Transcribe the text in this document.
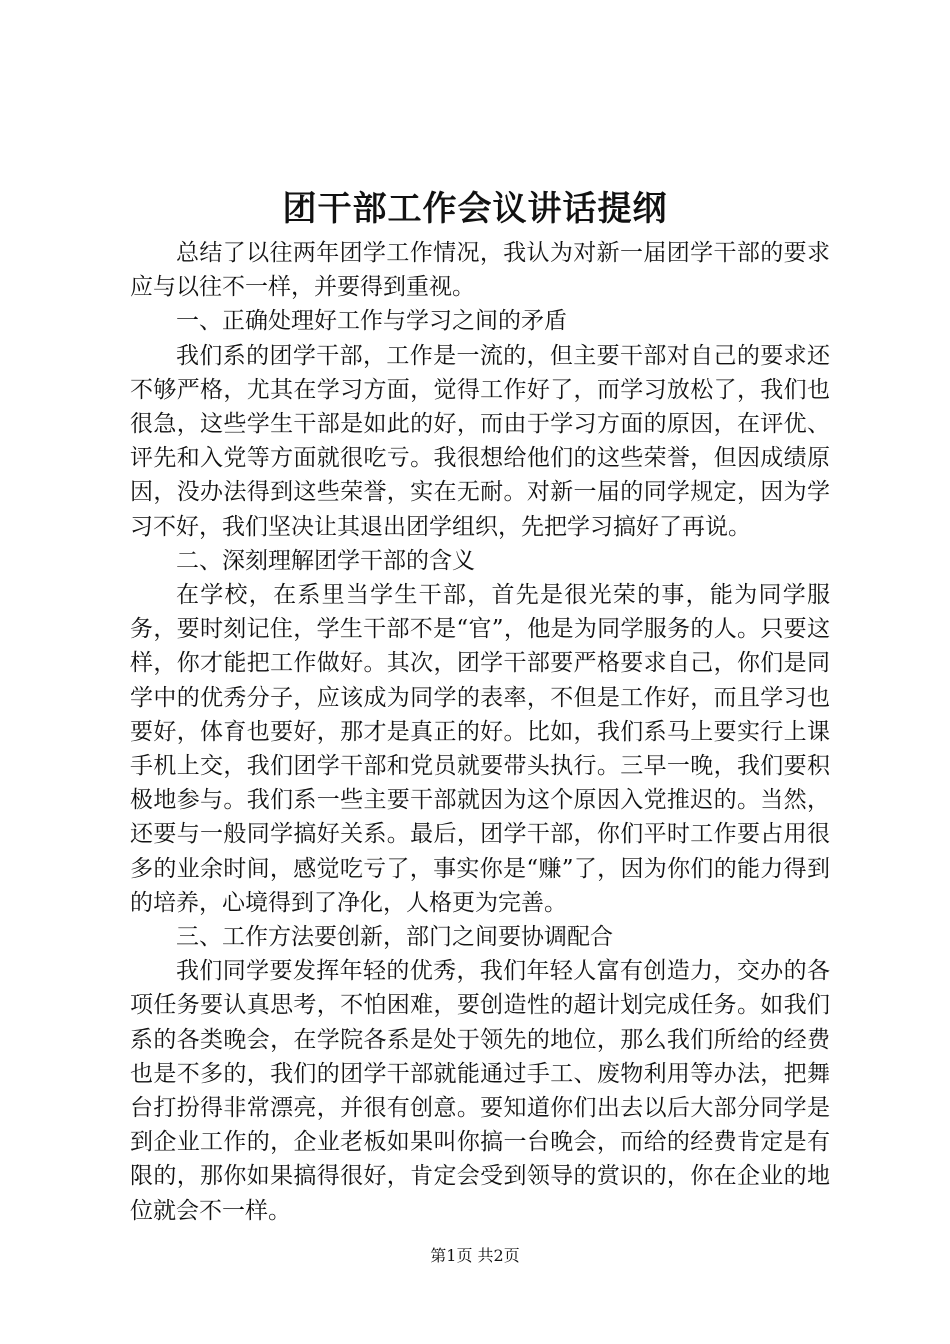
团干部工作会议讲话提纲

总结了以往两年团学工作情况，我认为对新一届团学干部的要求应与以往不一样，并要得到重视。

一、正确处理好工作与学习之间的矛盾

我们系的团学干部，工作是一流的，但主要干部对自己的要求还不够严格，尤其在学习方面，觉得工作好了，而学习放松了，我们也很急，这些学生干部是如此的好，而由于学习方面的原因，在评优、评先和入党等方面就很吃亏。我很想给他们的这些荣誉，但因成绩原因，没办法得到这些荣誉，实在无耐。对新一届的同学规定，因为学习不好，我们坚决让其退出团学组织，先把学习搞好了再说。

二、深刻理解团学干部的含义

在学校，在系里当学生干部，首先是很光荣的事，能为同学服务，要时刻记住，学生干部不是“官”，他是为同学服务的人。只要这样，你才能把工作做好。其次，团学干部要严格要求自己，你们是同学中的优秀分子，应该成为同学的表率，不但是工作好，而且学习也要好，体育也要好，那才是真正的好。比如，我们系马上要实行上课手机上交，我们团学干部和党员就要带头执行。三早一晚，我们要积极地参与。我们系一些主要干部就因为这个原因入党推迟的。当然，还要与一般同学搞好关系。最后，团学干部，你们平时工作要占用很多的业余时间，感觉吃亏了，事实你是“赚”了，因为你们的能力得到的培养，心境得到了净化，人格更为完善。

三、工作方法要创新，部门之间要协调配合

我们同学要发挥年轻的优秀，我们年轻人富有创造力，交办的各项任务要认真思考，不怕困难，要创造性的超计划完成任务。如我们系的各类晚会，在学院各系是处于领先的地位，那么我们所给的经费也是不多的，我们的团学干部就能通过手工、废物利用等办法，把舞台打扮得非常漂亮，并很有创意。要知道你们出去以后大部分同学是到企业工作的，企业老板如果叫你搞一台晚会，而给的经费肯定是有限的，那你如果搞得很好，肯定会受到领导的赏识的，你在企业的地位就会不一样。

第1页 共2页
